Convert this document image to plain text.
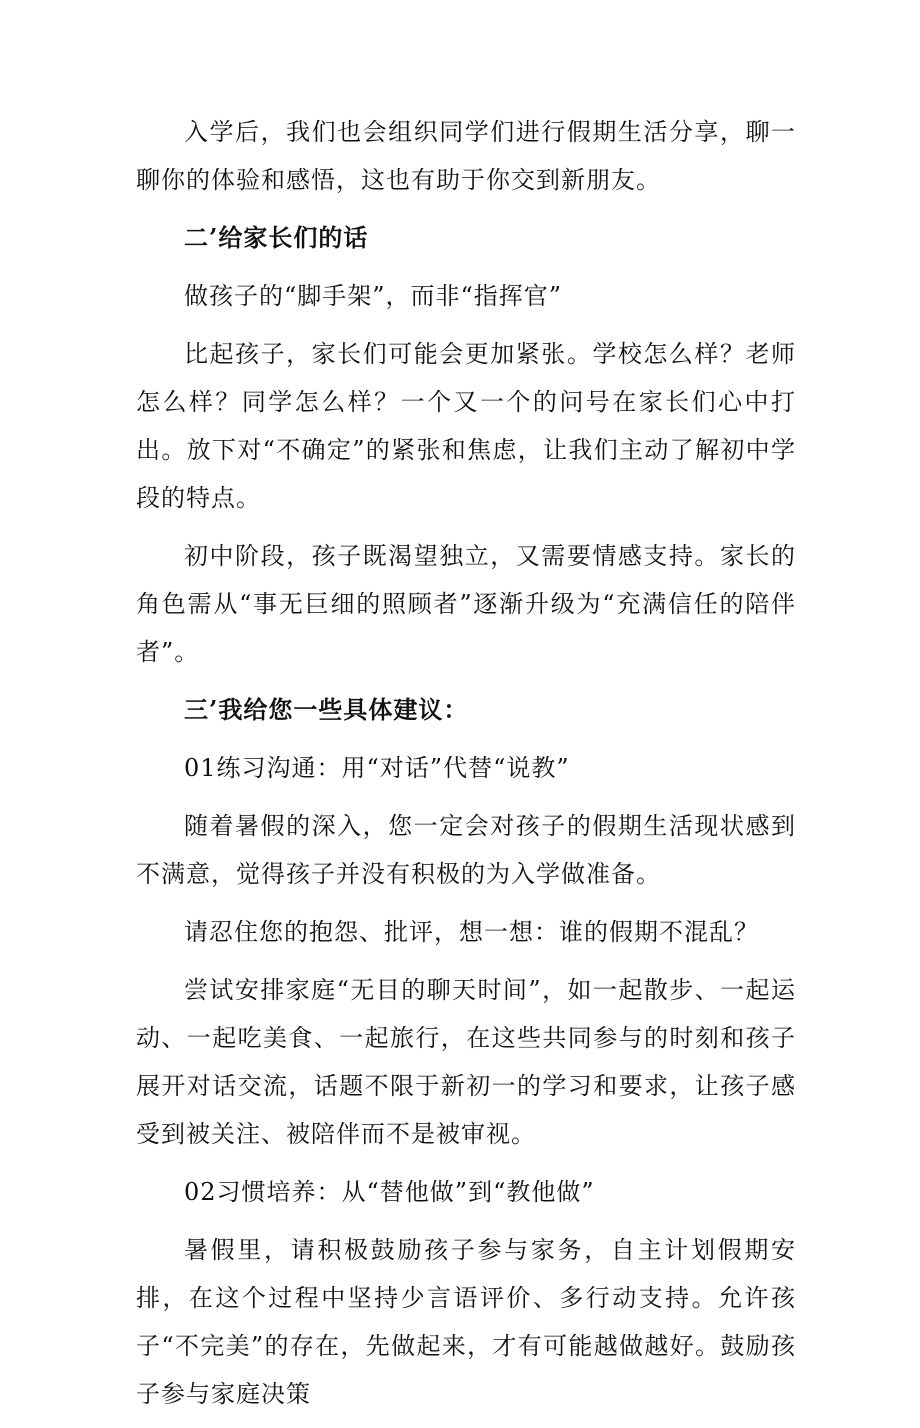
入学后，我们也会组织同学们进行假期生活分享，聊一聊你的体验和感悟，这也有助于你交到新朋友。

二’给家长们的话

做孩子的“脚手架”，而非“指挥官”

比起孩子，家长们可能会更加紧张。学校怎么样？老师怎么样？同学怎么样？一个又一个的问号在家长们心中打出。放下对“不确定”的紧张和焦虑，让我们主动了解初中学段的特点。

初中阶段，孩子既渴望独立，又需要情感支持。家长的角色需从“事无巨细的照顾者”逐渐升级为“充满信任的陪伴者”。

三’我给您一些具体建议：

01练习沟通：用“对话”代替“说教”

随着暑假的深入，您一定会对孩子的假期生活现状感到不满意，觉得孩子并没有积极的为入学做准备。

请忍住您的抱怨、批评，想一想：谁的假期不混乱？

尝试安排家庭“无目的聊天时间”，如一起散步、一起运动、一起吃美食、一起旅行，在这些共同参与的时刻和孩子展开对话交流，话题不限于新初一的学习和要求，让孩子感受到被关注、被陪伴而不是被审视。

02习惯培养：从“替他做”到“教他做”

暑假里，请积极鼓励孩子参与家务，自主计划假期安排，在这个过程中坚持少言语评价、多行动支持。允许孩子“不完美”的存在，先做起来，才有可能越做越好。鼓励孩子参与家庭决策
